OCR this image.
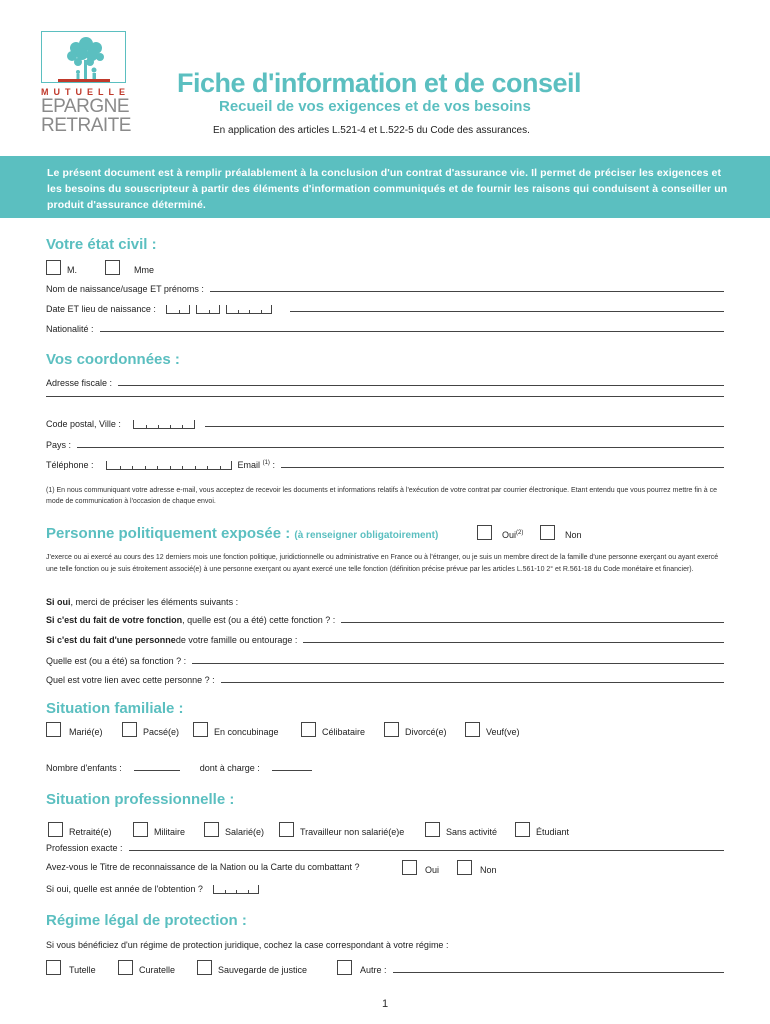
MUTUELLE
EPARGNE
RETRAITE
Fiche d'information et de conseil
Recueil de vos exigences et de vos besoins
En application des articles L.521-4 et L.522-5 du Code des assurances.
Le présent document est à remplir préalablement à la conclusion d'un contrat d'assurance vie. Il permet de préciser les exigences et les besoins du souscripteur à partir des éléments d'information communiqués et de fournir les raisons qui conduisent à conseiller un produit d'assurance déterminé.
Votre état civil :
M.	Mme
Nom de naissance/usage ET prénoms :
Date ET lieu de naissance :
Nationalité :
Vos coordonnées :
Adresse fiscale :
Code postal, Ville :
Pays :
Téléphone :	Email $^{(1)}$ :
(1) En nous communiquant votre adresse e-mail, vous acceptez de recevoir les documents et informations relatifs à l'exécution de votre contrat par courrier électronique. Etant entendu que vous pourrez mettre fin à ce mode de communication à l'occasion de chaque envoi.
Personne politiquement exposée : (à renseigner obligatoirement)	Oui$^{(2)}$	Non
J'exerce ou ai exercé au cours des 12 derniers mois une fonction politique, juridictionnelle ou administrative en France ou à l'étranger, ou je suis un membre direct de la famille d'une personne exerçant ou ayant exercé une telle fonction ou je suis étroitement associé(e) à une personne exerçant ou ayant exercé une telle fonction (définition précise prévue par les articles L.561-10 2° et R.561-18 du Code monétaire et financier).
Si oui , merci de préciser les éléments suivants :
Si c'est du fait de votre fonction , quelle est (ou a été) cette fonction ? :
Si c'est du fait d'une personne de votre famille ou entourage :
Quelle est (ou a été) sa fonction ? :
Quel est votre lien avec cette personne ? :
Situation familiale :
Marié(e)	Pacsé(e)	En concubinage	Célibataire	Divorcé(e)	Veuf(ve)
Nombre d'enfants :	dont à charge :
Situation professionnelle :
Retraité(e)	Militaire	Salarié(e)	Travailleur non salarié(e)e	Sans activité	Étudiant
Profession exacte :
Avez-vous le Titre de reconnaissance de la Nation ou la Carte du combattant ?	Oui	Non
Si oui, quelle est année de l'obtention ?
Régime légal de protection :
Si vous bénéficiez d'un régime de protection juridique, cochez la case correspondant à votre régime :
Tutelle	Curatelle	Sauvegarde de justice	Autre :
1
